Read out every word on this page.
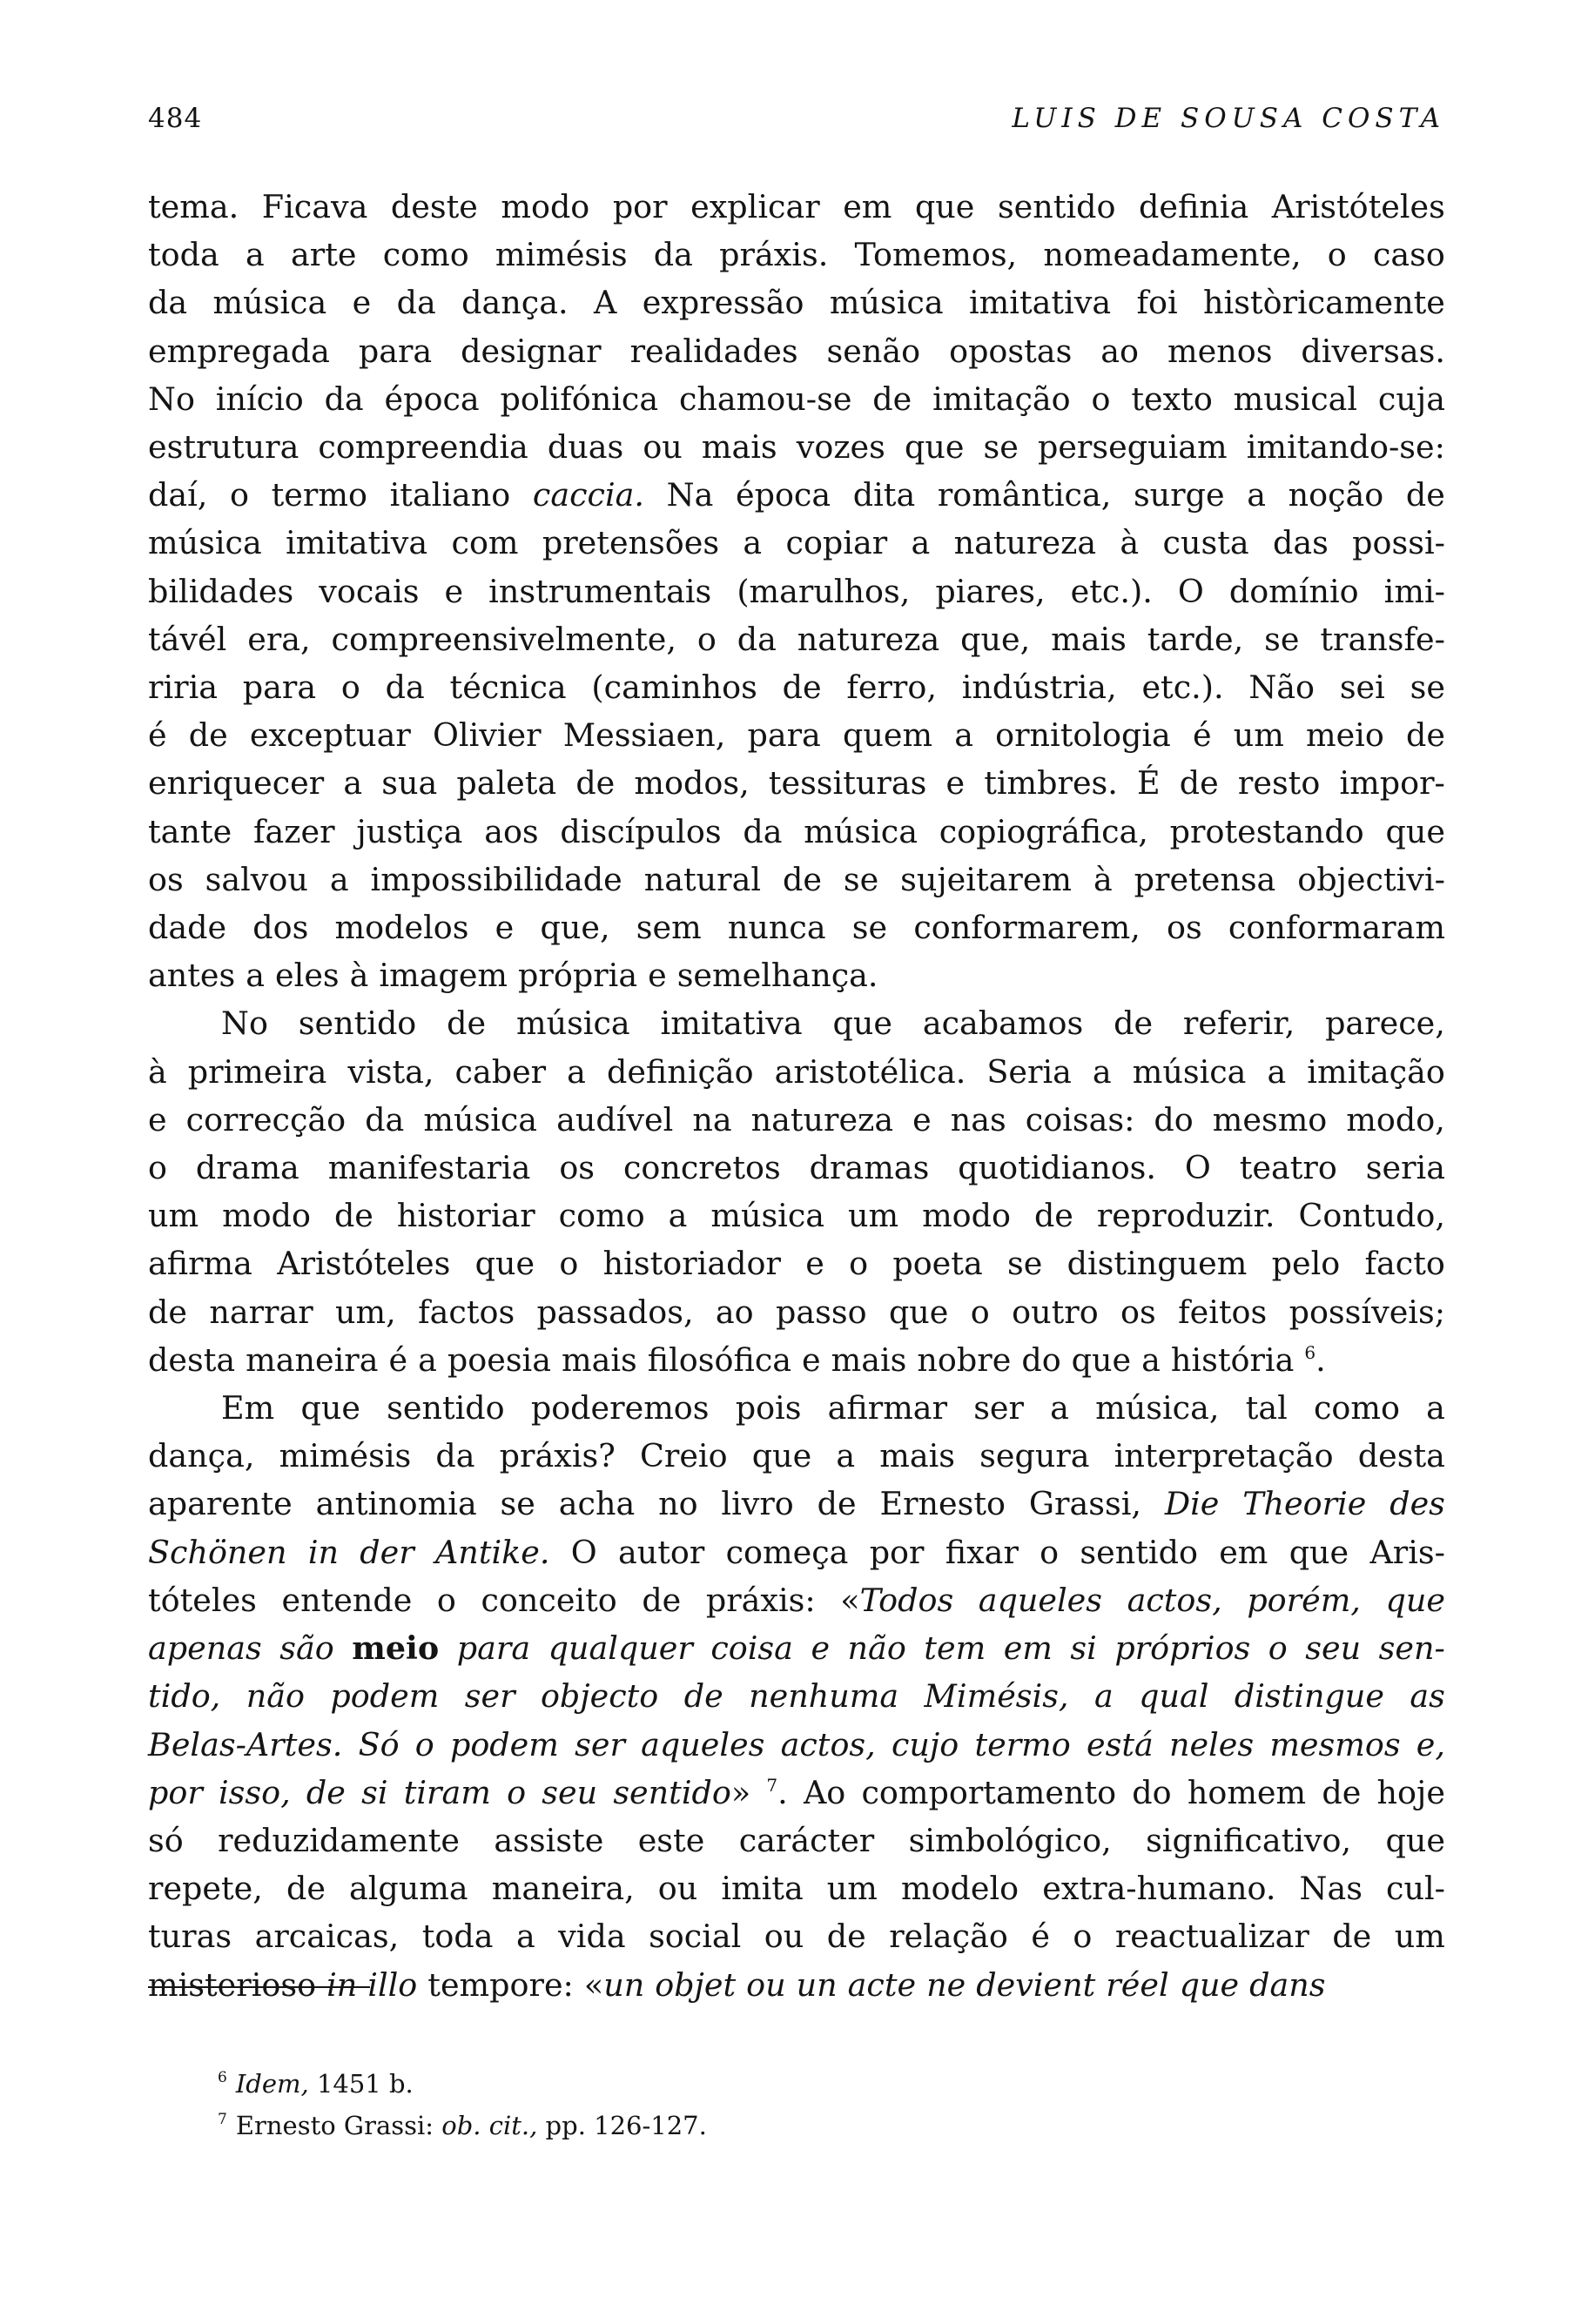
484	LUIS DE SOUSA COSTA
tema. Ficava deste modo por explicar em que sentido definia Aristóteles
toda a arte como mimésis da práxis. Tomemos, nomeadamente, o caso
da música e da dança. A expressão música imitativa foi històricamente
empregada para designar realidades senão opostas ao menos diversas.
No início da época polifónica chamou-se de imitação o texto musical cuja
estrutura compreendia duas ou mais vozes que se perseguiam imitando-se:
daí, o termo italiano caccia. Na época dita romântica, surge a noção de
música imitativa com pretensões a copiar a natureza à custa das possi-
bilidades vocais e instrumentais (marulhos, piares, etc.). O domínio imi-
távél era, compreensivelmente, o da natureza que, mais tarde, se transfe-
riria para o da técnica (caminhos de ferro, indústria, etc.). Não sei se
é de exceptuar Olivier Messiaen, para quem a ornitologia é um meio de
enriquecer a sua paleta de modos, tessituras e timbres. É de resto impor-
tante fazer justiça aos discípulos da música copiográfica, protestando que
os salvou a impossibilidade natural de se sujeitarem à pretensa objectivi-
dade dos modelos e que, sem nunca se conformarem, os conformaram
antes a eles à imagem própria e semelhança.
No sentido de música imitativa que acabamos de referir, parece,
à primeira vista, caber a definição aristotélica. Seria a música a imitação
e correcção da música audível na natureza e nas coisas: do mesmo modo,
o drama manifestaria os concretos dramas quotidianos. O teatro seria
um modo de historiar como a música um modo de reproduzir. Contudo,
afirma Aristóteles que o historiador e o poeta se distinguem pelo facto
de narrar um, factos passados, ao passo que o outro os feitos possíveis;
desta maneira é a poesia mais filosófica e mais nobre do que a história $^6$.
Em que sentido poderemos pois afirmar ser a música, tal como a
dança, mimésis da práxis? Creio que a mais segura interpretação desta
aparente antinomia se acha no livro de Ernesto Grassi, Die Theorie des
Schönen in der Antike. O autor começa por fixar o sentido em que Aris-
tóteles entende o conceito de práxis: «Todos aqueles actos, porém, que
apenas são meio para qualquer coisa e não tem em si próprios o seu sen-
tido, não podem ser objecto de nenhuma Mimésis, a qual distingue as
Belas-Artes. Só o podem ser aqueles actos, cujo termo está neles mesmos e,
por isso, de si tiram o seu sentido» $^7$. Ao comportamento do homem de hoje
só reduzidamente assiste este carácter simbológico, significativo, que
repete, de alguma maneira, ou imita um modelo extra-humano. Nas cul-
turas arcaicas, toda a vida social ou de relação é o reactualizar de um
misterioso in illo tempore: «un objet ou un acte ne devient réel que dans
$^6$ Idem, 1451 b.
$^7$ Ernesto Grassi: ob. cit., pp. 126-127.
